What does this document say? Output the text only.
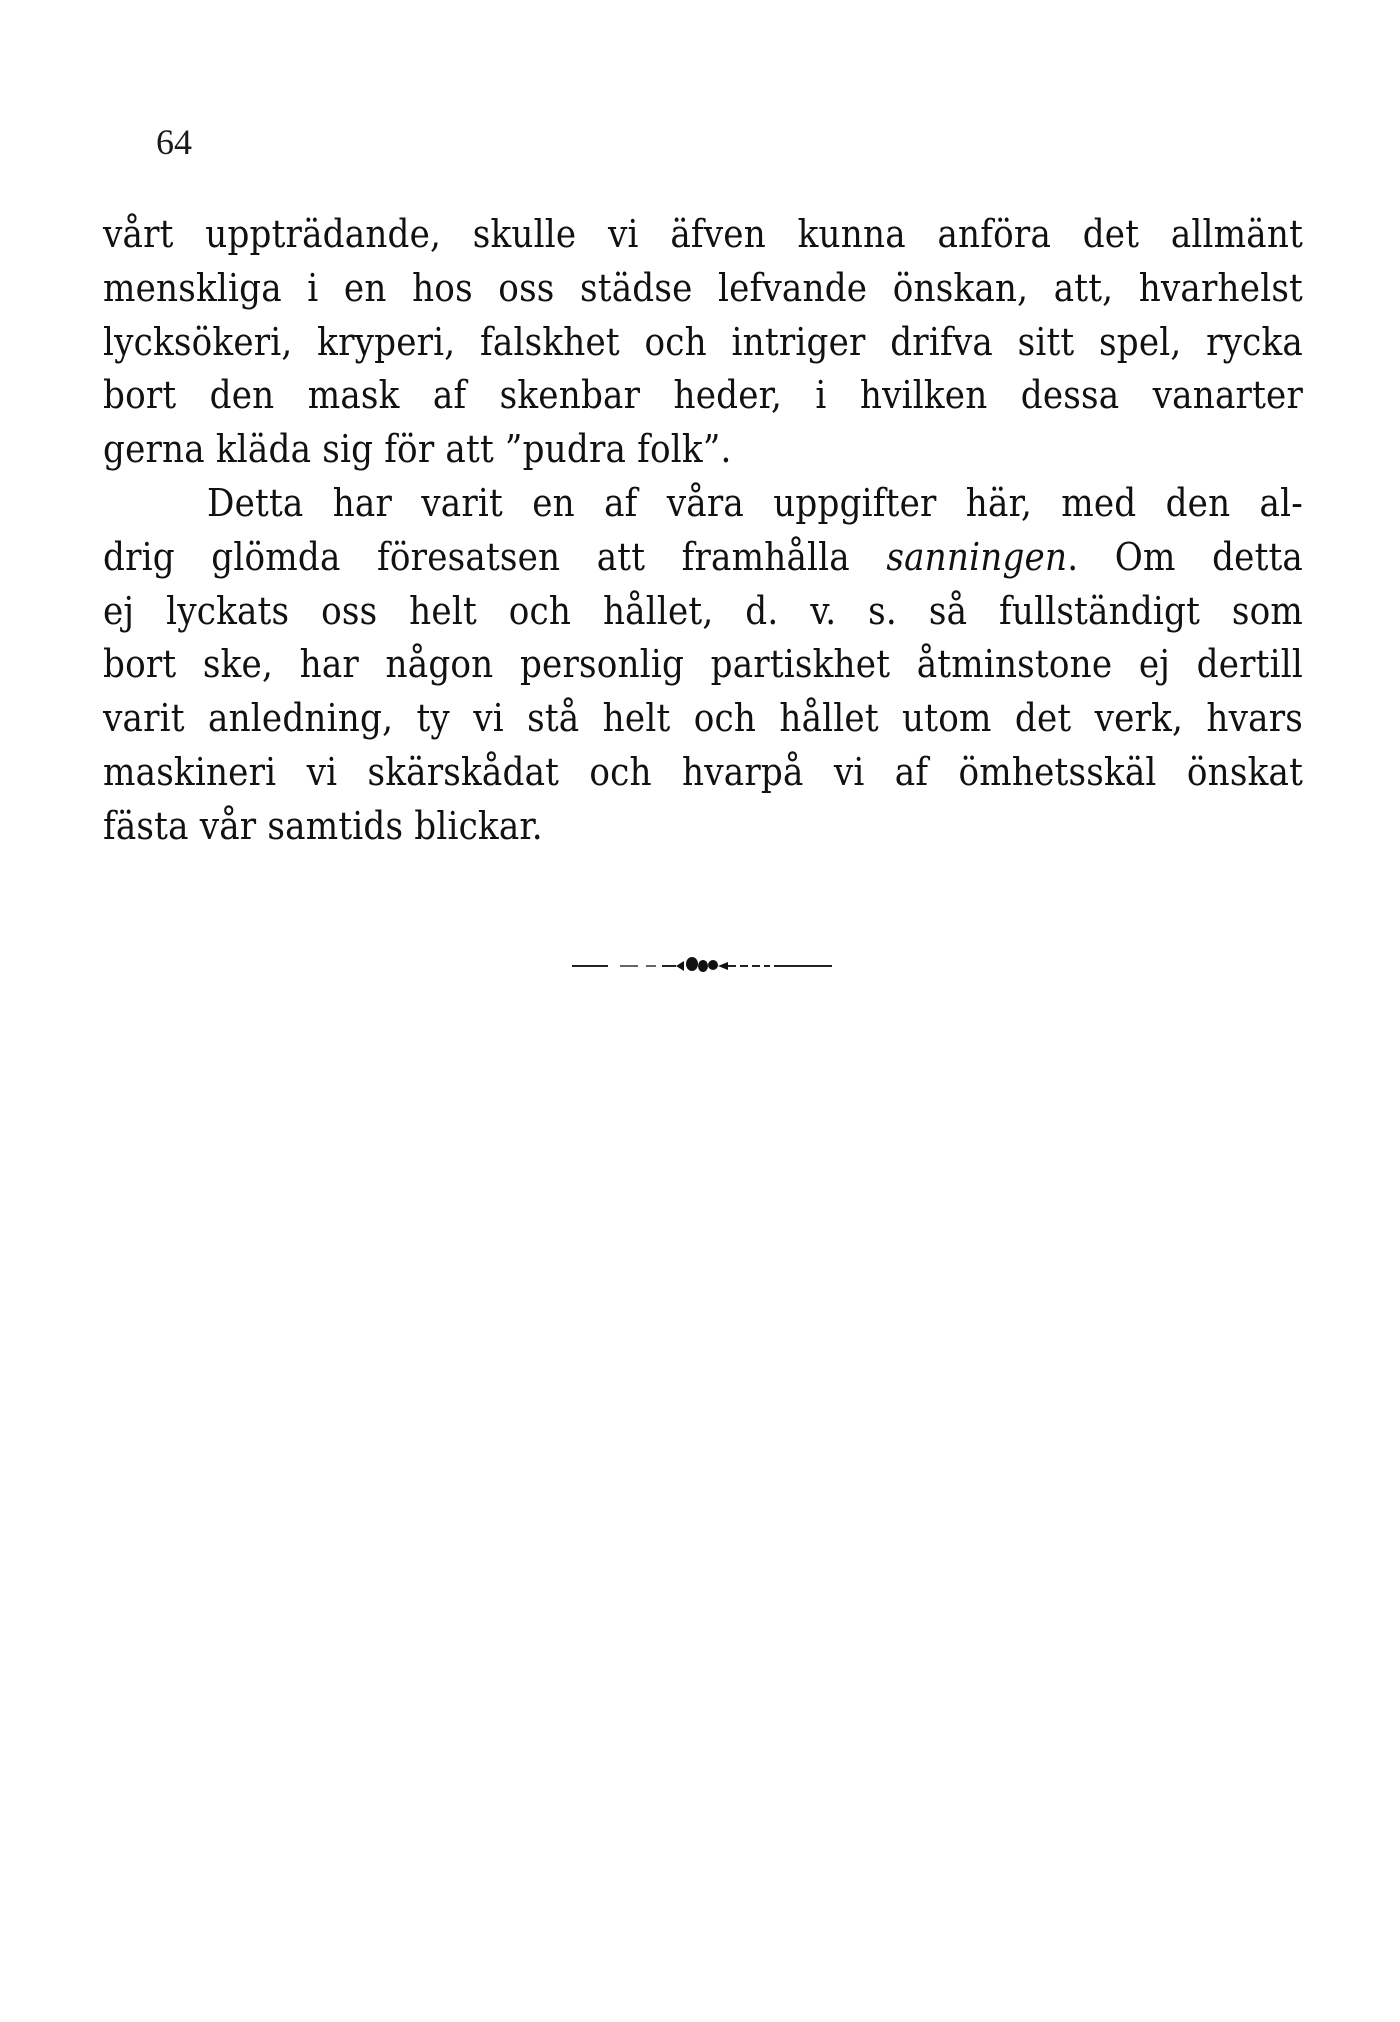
64
vårt uppträdande, skulle vi äfven kunna anföra det allmänt
menskliga i en hos oss städse lefvande önskan, att, hvarhelst
lycksökeri, kryperi, falskhet och intriger drifva sitt spel, rycka
bort den mask af skenbar heder, i hvilken dessa vanarter
gerna kläda sig för att ”pudra folk”.
Detta har varit en af våra uppgifter här, med den al-
drig glömda föresatsen att framhålla sanningen. Om detta
ej lyckats oss helt och hållet, d. v. s. så fullständigt som
bort ske, har någon personlig partiskhet åtminstone ej dertill
varit anledning, ty vi stå helt och hållet utom det verk, hvars
maskineri vi skärskådat och hvarpå vi af ömhetsskäl önskat
fästa vår samtids blickar.
